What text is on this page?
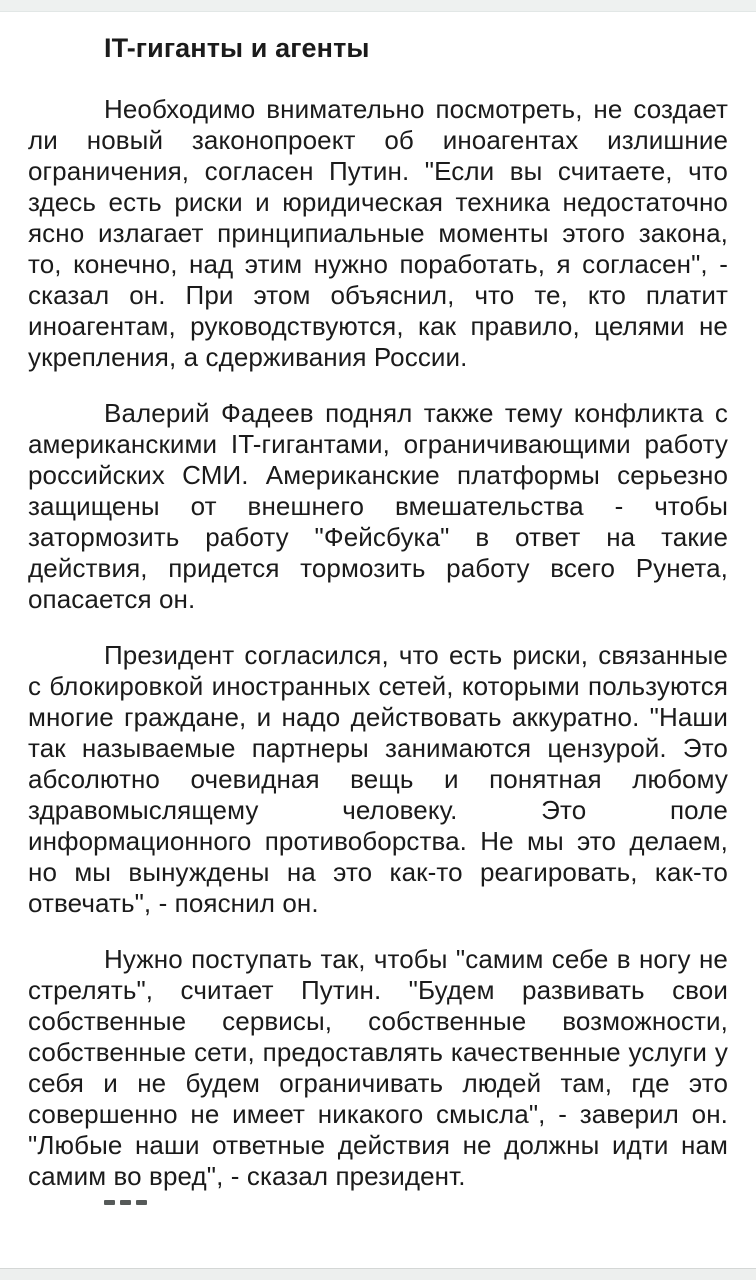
IT-гиганты и агенты

Необходимо внимательно посмотреть, не создает ли новый законопроект об иноагентах излишние ограничения, согласен Путин. "Если вы считаете, что здесь есть риски и юридическая техника недостаточно ясно излагает принципиальные моменты этого закона, то, конечно, над этим нужно поработать, я согласен", - сказал он. При этом объяснил, что те, кто платит иноагентам, руководствуются, как правило, целями не укрепления, а сдерживания России.

Валерий Фадеев поднял также тему конфликта с американскими IT-гигантами, ограничивающими работу российских СМИ. Американские платформы серьезно защищены от внешнего вмешательства - чтобы затормозить работу "Фейсбука" в ответ на такие действия, придется тормозить работу всего Рунета, опасается он.

Президент согласился, что есть риски, связанные с блокировкой иностранных сетей, которыми пользуются многие граждане, и надо действовать аккуратно. "Наши так называемые партнеры занимаются цензурой. Это абсолютно очевидная вещь и понятная любому здравомыслящему человеку. Это поле информационного противоборства. Не мы это делаем, но мы вынуждены на это как-то реагировать, как-то отвечать", - пояснил он.

Нужно поступать так, чтобы "самим себе в ногу не стрелять", считает Путин. "Будем развивать свои собственные сервисы, собственные возможности, собственные сети, предоставлять качественные услуги у себя и не будем ограничивать людей там, где это совершенно не имеет никакого смысла", - заверил он. "Любые наши ответные действия не должны идти нам самим во вред", - сказал президент.
